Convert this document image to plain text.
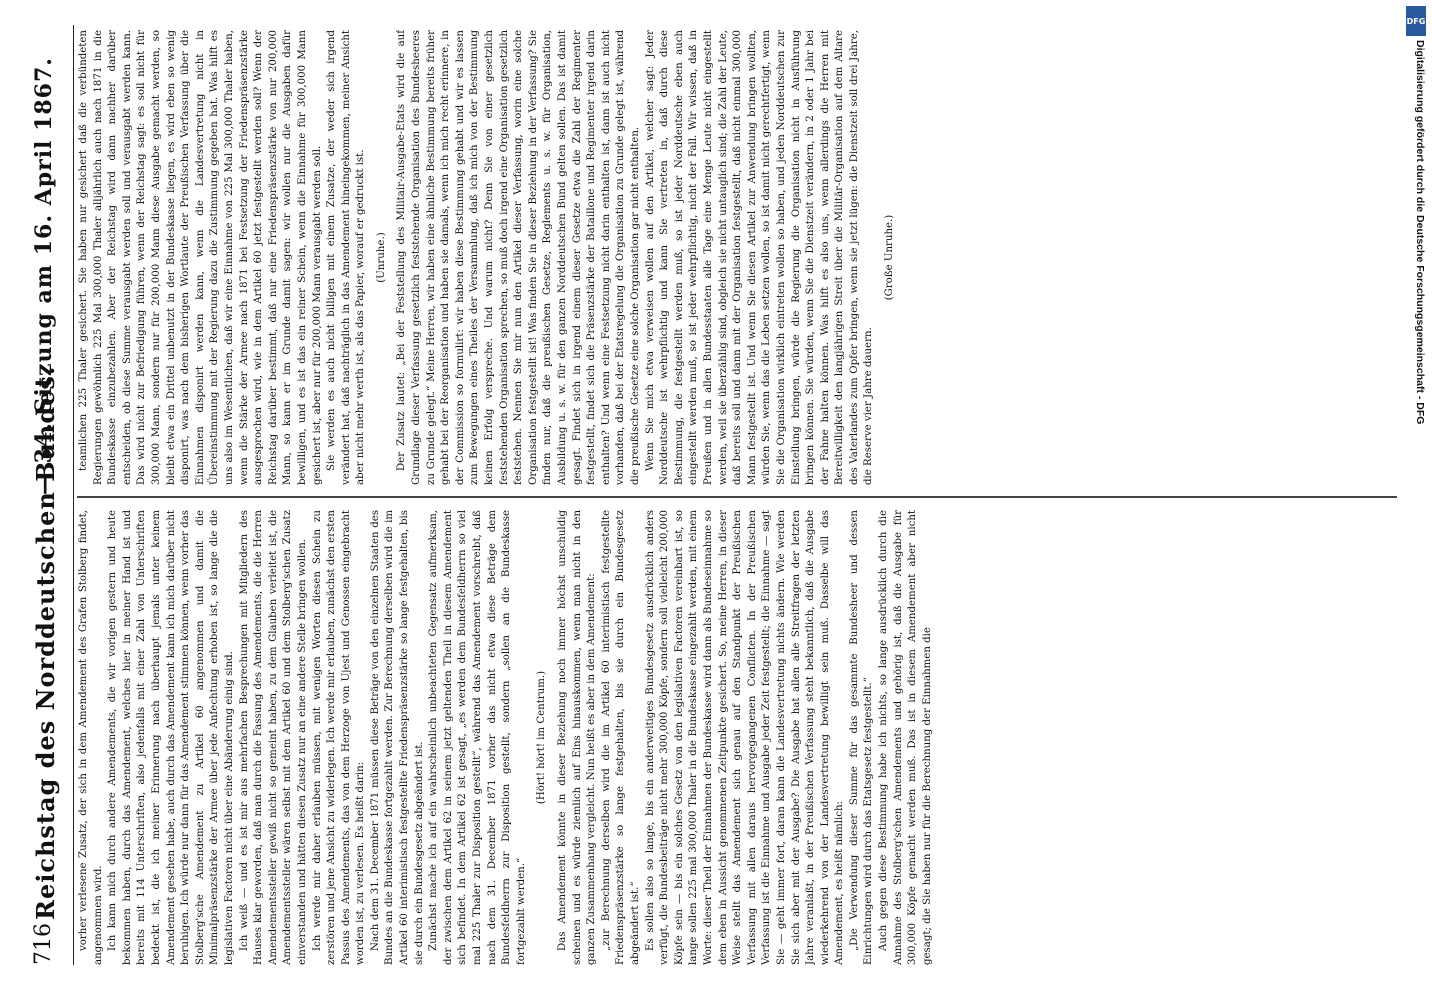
716
Reichstag des Norddeutschen Bundes.
— 34. Sitzung am 16. April 1867.

vorher verlesene Zusatz, der sich in dem Amendement des Grafen Stolberg findet, angenommen wird. Ich kann mich durch andere Amendements, die wir vorigen gestern und heute bekommen haben, durch das Amendement, welches hier in meiner Hand ist und bereits mit 114 Unterschriften, also jedenfalls mit einer Zahl von Unterschriften bedeckt ist, die ich meiner Erinnerung nach überhaupt jemals unter keinem Amendement gesehen habe, auch durch das Amendement kann ich mich darüber nicht beruhigen. Ich würde nur dann für das Amendement stimmen können, wenn vorher das Stolberg'sche Amendement zu Artikel 60 angenommen und damit die Minimalpräsenzstärke der Armee über jede Anfechtung erhoben ist, so lange die die legislativen Factoren nicht über eine Abänderung einig sind. Ich weiß — und es ist mir aus mehrfachen Besprechungen mit Mitgliedern des Hauses klar geworden, daß man durch die Fassung des Amendements, die die Herren Amendementssteller gewiß nicht so gemeint haben, zu dem Glauben verleitet ist, die Amendementssteller wären selbst mit dem Artikel 60 und dem Stolberg'schen Zusatz einverstanden und hätten diesen Zusatz nur an eine andere Stelle bringen wollen. Ich werde mir daher erlauben müssen, mit wenigen Worten diesen Schein zu zerstören und jene Ansicht zu widerlegen. Ich werde mir erlauben, zunächst den ersten Passus des Amendements, das von dem Herzoge von Ujest und Genossen eingebracht worden ist, zu verlesen. Es heißt darin: Nach dem 31. December 1871 müssen diese Beträge von den einzelnen Staaten des Bundes an die Bundeskasse fortgezahlt werden. Zur Berechnung derselben wird die im Artikel 60 interimistisch festgestellte Friedenspräsenzstärke so lange festgehalten, bis sie durch ein Bundesgesetz abgeändert ist. Zunächst mache ich auf ein wahrscheinlich unbeachteten Gegensatz aufmerksam, der zwischen dem Artikel 62 in seinem jetzt geltenden Theil in diesem Amendement sich befindet. In dem Artikel 62 ist gesagt, „es werden dem Bundesfeldherrn so viel mal 225 Thaler zur Disposition gestellt“, während das Amendement vorschreibt, daß nach dem 31. December 1871 vorher das nicht etwa diese Beträge dem Bundesfeldherrn zur Disposition gestellt, sondern „sollen an die Bundeskasse fortgezahlt werden.“

(Hört! hört! im Centrum.) Das Amendement könnte in dieser Beziehung noch immer höchst unschuldig scheinen und es würde ziemlich auf Eins hinauskommen, wenn man nicht in den ganzen Zusammenhang vergleicht. Nun heißt es aber in dem Amendement: „zur Berechnung derselben wird die im Artikel 60 interimistisch festgestellte Friedenspräsenzstärke so lange festgehalten, bis sie durch ein Bundesgesetz abgeändert ist.“ Es sollen also so lange, bis ein anderweitiges Bundesgesetz ausdrücklich anders verfügt, die Bundesbeiträge nicht mehr 300,000 Köpfe, sondern soll vielleicht 200,000 Köpfe sein — bis ein solches Gesetz von den legislativen Factoren vereinbart ist, so lange sollen 225 mal 300,000 Thaler in die Bundeskasse eingezahlt werden, mit einem Worte: dieser Theil der Einnahmen der Bundeskasse wird dann als Bundeseinnahme so dem eben in Aussicht genommenen Zeitpunkte gesichert. So, meine Herren, in dieser Weise stellt das Amendement sich genau auf den Standpunkt der Preußischen Verfassung mit allen daraus hervorgegangenen Conflicten. In der Preußischen Verfassung ist die Einnahme und Ausgabe jeder Zeit festgestellt; die Einnahme — sagt Sie — geht immer fort, daran kann die Landesvertretung nichts ändern. Wie werden Sie sich aber mit der Ausgabe? Die Ausgabe hat allen alle Streitfragen der letzten Jahre veranlaßt, in der Preußischen Verfassung steht bekanntlich, daß die Ausgabe wiederkehrend von der Landesvertretung bewilligt sein muß. Dasselbe will das Amendement, es heißt nämlich: „Die Verwendung dieser Summe für das gesammte Bundesheer und dessen Einrichtungen wird durch das Etatsgesetz festgestellt.“ Auch gegen diese Bestimmung habe ich nichts, so lange ausdrücklich durch die Annahme des Stolberg'schen Amendements und gehörig ist, daß die Ausgabe für 300,000 Köpfe gemacht werden muß. Das ist in diesem Amendement aber nicht gesagt; die Sie haben nur für die Berechnung der Einnahmen die

teamlichen 225 Thaler gesichert. Sie haben nur gesichert daß die verbündeten Regierungen gewöhnlich 225 Mal 300,000 Thaler alljährlich auch nach 1871 in die Bundeskasse einzubezahlen. Aber der Reichstag wird dann nachher darüber entscheiden, ob diese Summe verausgabt werden soll und verausgabt werden kann. Das wird nicht zur Befriedigung führen, wenn der Reichstag sagt: es soll nicht für 300,000 Mann, sondern nur für 200,000 Mann diese Ausgabe gemacht werden, so bleibt etwa ein Drittel unbenutzt in der Bundeskasse liegen, es wird eben so wenig disponirt, was nach dem bisherigen Wortlaute der Preußischen Verfassung über die Einnahmen disponirt werden kann, wenn die Landesvertretung nicht in Übereinstimmung mit der Regierung dazu die Zustimmung gegeben hat. Was hilft es uns also im Wesentlichen, daß wir eine Einnahme von 225 Mal 300,000 Thaler haben, wenn die Stärke der Armee nach 1871 bei Festsetzung der Friedenspräsenzstärke ausgesprochen wird, wie in dem Artikel 60 jetzt festgestellt werden soll? Wenn der Reichstag darüber bestimmt, daß nur eine Friedenspräsenzstärke von nur 200,000 Mann, so kann er im Grunde damit sagen: wir wollen nur die Ausgaben dafür bewilligen, und es ist das ein reiner Schein, wenn die Einnahme für 300,000 Mann gesichert ist, aber nur für 200,000 Mann verausgabt werden soll. Sie werden es auch nicht billigen mit einem Zusatze, der weder sich irgend verändert hat, daß nachträglich in das Amendement hineingekommen, meiner Ansicht aber nicht mehr werth ist, als das Papier, worauf er gedruckt ist. (Unruhe.) Der Zusatz lautet: „Bei der Feststellung des Militair-Ausgabe-Etats wird die auf Grundlage dieser Verfassung gesetzlich feststehende Organisation des Bundesheeres zu Grunde gelegt.“ Meine Herren, wir haben eine ähnliche Bestimmung bereits früher gehabt bei der Reorganisation und haben sie damals, wenn ich mich recht erinnere, in der Commission so formulirt: wir haben diese Bestimmung gehabt und wir es lassen zum Bewegungen eines Theiles der Versammlung, daß ich mich von der Bestimmung keinen Erfolg verspreche. Und warum nicht? Denn Sie von einer gesetzlich feststehenden Organisation sprechen, so muß doch irgend eine Organisation gesetzlich feststehen. Nennen Sie mir nun den Artikel dieser Verfassung, worin eine solche Organisation festgestellt ist! Was finden Sie in dieser Beziehung in der Verfassung? Sie finden nur, daß die preußischen Gesetze, Reglements u. s. w. für Organisation, Ausbildung u. s. w. für den ganzen Norddeutschen Bund gelten sollen. Das ist damit gesagt. Findet sich in irgend einem dieser Gesetze etwa die Zahl der Regimenter festgestellt, findet sich die Präsenzstärke der Bataillone und Regimenter irgend darin enthalten? Und wenn eine Festsetzung nicht darin enthalten ist, dann ist auch nicht vorhanden, daß bei der Etatsregelung die Organisation zu Grunde gelegt ist, während die preußische Gesetze eine solche Organisation gar nicht enthalten. Wenn Sie mich etwa verweisen wollen auf den Artikel, welcher sagt: Jeder Norddeutsche ist wehrpflichtig und kann Sie vertreten in, daß durch diese Bestimmung, die festgestellt werden muß, so ist jeder Norddeutsche eben auch eingestellt werden muß, so ist jeder wehrpflichtig, nicht der Fall. Wir wissen, daß in Preußen und in allen Bundesstaaten alle Tage eine Menge Leute nicht eingestellt werden, weil sie überzählig sind, obgleich sie nicht untauglich sind; die Zahl der Leute, daß bereits soll und dann mit der Organisation festgestellt, daß nicht einmal 300,000 Mann festgestellt ist. Und wenn Sie diesen Artikel zur Anwendung bringen wollten, würden Sie, wenn das die Leben setzen wollen, so ist damit nicht gerechtfertigt, wenn Sie die Organisation wirklich eintreten wollen so haben, und jeden Norddeutschen zur Einstellung bringen, würde die Regierung die Organisation nicht in Ausführung bringen können. Sie würden, wenn Sie die Dienstzeit verändern, in 2 oder 1 Jahr bei der Fahne halten können. Was hilft es also uns, wenn allerdings die Herren mit Bereitwilligkeit den langjährigen Streit über die Militär-Organisation auf dem Altare des Vaterlandes zum Opfer bringen, wenn sie jetzt lügen: die Dienstzeit soll drei Jahre, die Reserve vier Jahre dauern.

(Große Unruhe.)

DFG
Digitalisierung gefördert durch die Deutsche Forschungsgemeinschaft - DFG
